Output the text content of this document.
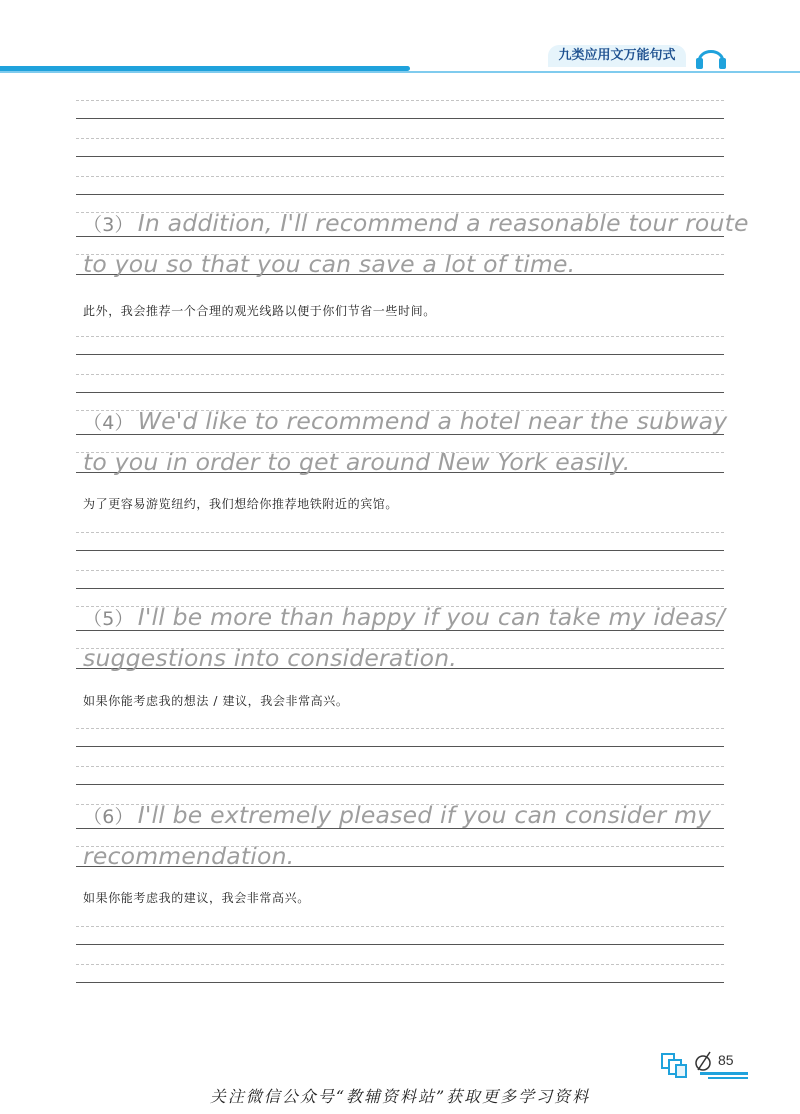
九类应用文万能句式
（3） In addition, I'll recommend a reasonable tour route
to you so that you can save a lot of time.
此外，我会推荐一个合理的观光线路以便于你们节省一些时间。
（4） We'd like to recommend a hotel near the subway
to you in order to get around New York easily.
为了更容易游览纽约，我们想给你推荐地铁附近的宾馆。
（5） I'll be more than happy if you can take my ideas/
suggestions into consideration.
如果你能考虑我的想法 / 建议，我会非常高兴。
（6） I'll be extremely pleased if you can consider my
recommendation.
如果你能考虑我的建议，我会非常高兴。
85
关注微信公众号“教辅资料站”获取更多学习资料
